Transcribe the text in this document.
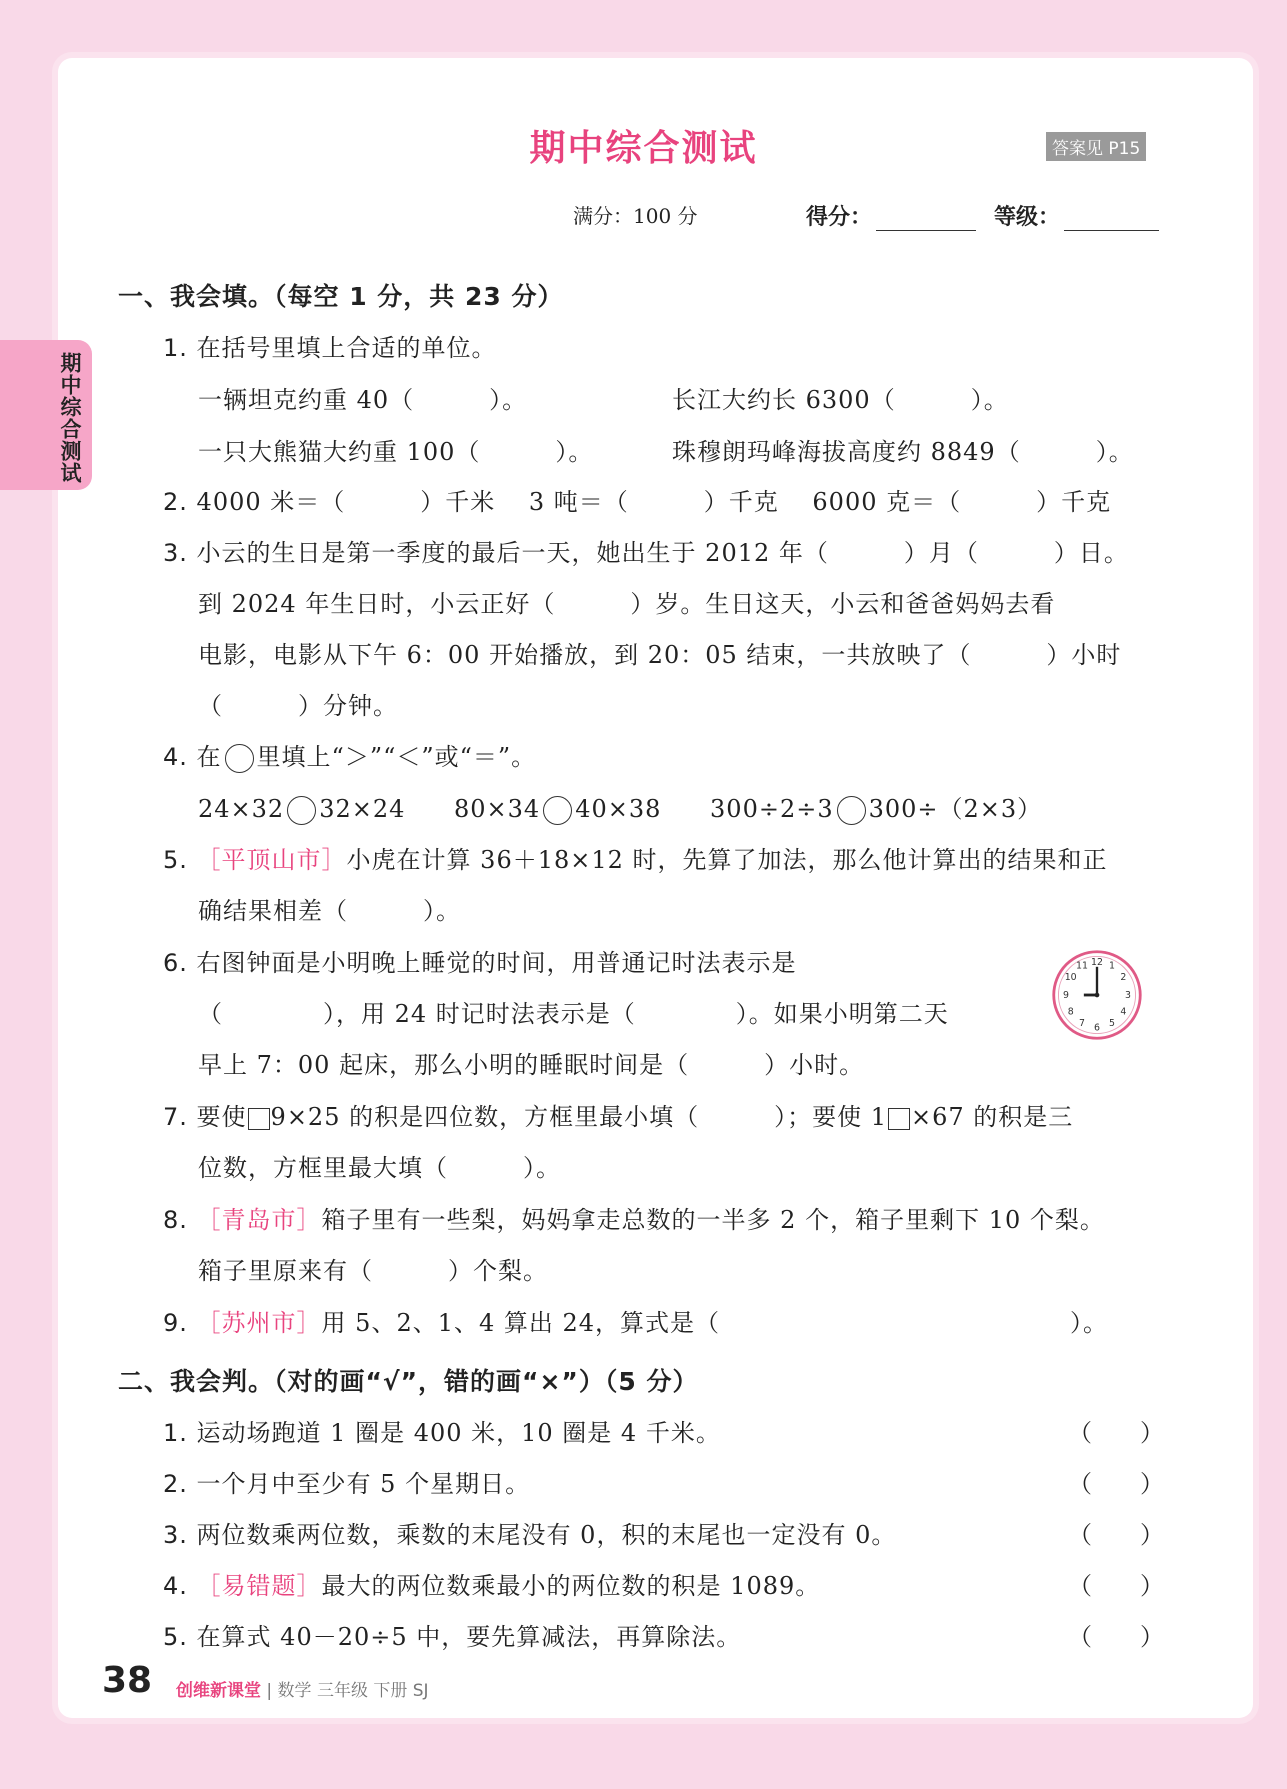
期中综合测试
期中综合测试	答案见 P15
满分：100 分	得分：	等级：
一、我会填。（每空 1 分，共 23 分）
1. 在括号里填上合适的单位。
一辆坦克约重 40（　　　）。	长江大约长 6300（　　　）。
一只大熊猫大约重 100（　　　）。	珠穆朗玛峰海拔高度约 8849（　　　）。
2. 4000 米＝（　　　）千米　 3 吨＝（　　　）千克　 6000 克＝（　　　）千克
3. 小云的生日是第一季度的最后一天，她出生于 2012 年（　　　）月（　　　）日。
到 2024 年生日时，小云正好（　　　）岁。生日这天，小云和爸爸妈妈去看
电影，电影从下午 6：00 开始播放，到 20：05 结束，一共放映了（　　　）小时
（　　　）分钟。
4. 在 里填上“＞”“＜”或“＝”。
24×32 32×24 80×34 40×38 300÷2÷3 300÷（2×3）
5. ［平顶山市］小虎在计算 36＋18×12 时，先算了加法，那么他计算出的结果和正
确结果相差（　　　）。
6. 右图钟面是小明晚上睡觉的时间，用普通记时法表示是
（　　　　），用 24 时记时法表示是（　　　　）。如果小明第二天
早上 7：00 起床，那么小明的睡眠时间是（　　　）小时。
12 1
2
3
4
5
6
7
8
9
10
11
7. 要使 9×25 的积是四位数，方框里最小填（　　　）；要使 1 ×67 的积是三
位数，方框里最大填（　　　）。
8. ［青岛市］箱子里有一些梨，妈妈拿走总数的一半多 2 个，箱子里剩下 10 个梨。
箱子里原来有（　　　）个梨。
9. ［苏州市］用 5、2、1、4 算出 24，算式是（　　　　　　　　　　　　　　）。
二、我会判。（对的画“√”，错的画“×”）（5 分）
1. 运动场跑道 1 圈是 400 米，10 圈是 4 千米。	（　　）
2. 一个月中至少有 5 个星期日。	（　　）
3. 两位数乘两位数，乘数的末尾没有 0，积的末尾也一定没有 0。	（　　）
4. ［易错题］最大的两位数乘最小的两位数的积是 1089。	（　　）
5. 在算式 40－20÷5 中，要先算减法，再算除法。	（　　）
38 创维新课堂 | 数学 三年级 下册 SJ
